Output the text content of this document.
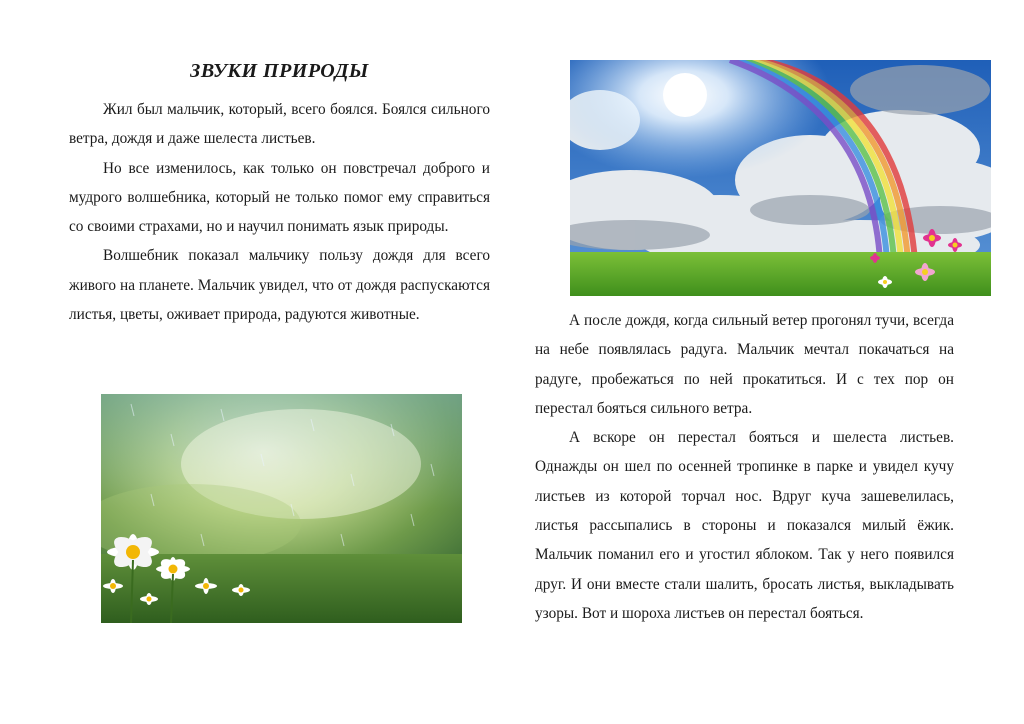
ЗВУКИ ПРИРОДЫ

Жил был мальчик, который, всего боялся. Боялся сильного ветра, дождя и даже шелеста листьев.

Но все изменилось, как только он повстречал доброго и мудрого волшебника, который не только помог ему справиться со своими страхами, но и научил понимать язык природы.

Волшебник показал мальчику пользу дождя для всего живого на планете. Мальчик увидел, что от дождя распускаются листья, цветы, оживает природа, радуются животные.	А после дождя, когда сильный ветер прогонял тучи, всегда на небе появлялась радуга. Мальчик мечтал покачаться на радуге, пробежаться по ней прокатиться. И с тех пор он перестал бояться сильного ветра.

А вскоре он перестал бояться и шелеста листьев. Однажды он шел по осенней тропинке в парке и увидел кучу листьев из которой торчал нос. Вдруг куча зашевелилась, листья рассыпались в стороны и показался милый ёжик. Мальчик поманил его и угостил яблоком. Так у него появился друг. И они вместе стали шалить, бросать листья, выкладывать узоры. Вот и шороха листьев он перестал бояться.
